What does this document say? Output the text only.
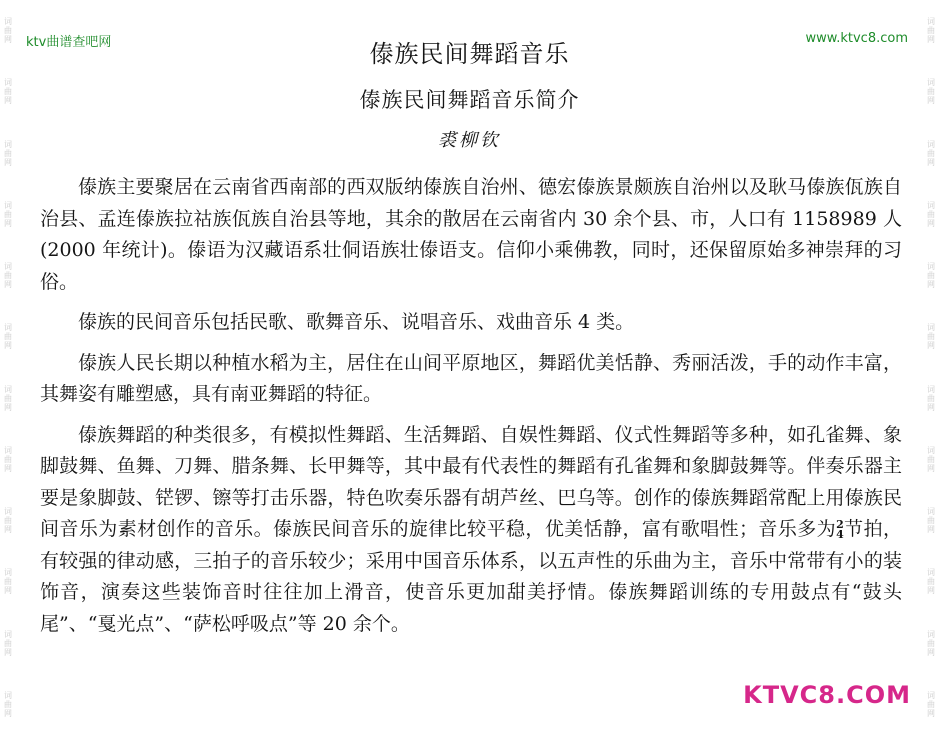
词曲网
词曲网
词曲网
词曲网
词曲网
词曲网
词曲网
词曲网
词曲网
词曲网
词曲网
词曲网
词曲网
词曲网
词曲网
词曲网
词曲网
词曲网
词曲网
词曲网
词曲网
词曲网
词曲网
词曲网
ktv曲谱查吧网	www.ktvc8.com
傣族民间舞蹈音乐
傣族民间舞蹈音乐简介
裘柳钦

傣族主要聚居在云南省西南部的西双版纳傣族自治州、德宏傣族景颇族自治州以及耿马傣族佤族自治县、孟连傣族拉祜族佤族自治县等地，其余的散居在云南省内 30 余个县、市，人口有 1158989 人(2000 年统计)。傣语为汉藏语系壮侗语族壮傣语支。信仰小乘佛教，同时，还保留原始多神崇拜的习俗。

傣族的民间音乐包括民歌、歌舞音乐、说唱音乐、戏曲音乐 4 类。

傣族人民长期以种植水稻为主，居住在山间平原地区，舞蹈优美恬静、秀丽活泼，手的动作丰富，其舞姿有雕塑感，具有南亚舞蹈的特征。

傣族舞蹈的种类很多，有模拟性舞蹈、生活舞蹈、自娱性舞蹈、仪式性舞蹈等多种，如孔雀舞、象脚鼓舞、鱼舞、刀舞、腊条舞、长甲舞等，其中最有代表性的舞蹈有孔雀舞和象脚鼓舞等。伴奏乐器主要是象脚鼓、铓锣、镲等打击乐器，特色吹奏乐器有胡芦丝、巴乌等。创作的傣族舞蹈常配上用傣族民间音乐为素材创作的音乐。傣族民间音乐的旋律比较平稳，优美恬静，富有歌唱性；音乐多为 2
4 节拍，有较强的律动感，三拍子的音乐较少；采用中国音乐体系，以五声性的乐曲为主，音乐中常带有小的装饰音，演奏这些装饰音时往往加上滑音，使音乐更加甜美抒情。傣族舞蹈训练的专用鼓点有“鼓头尾”、“戛光点”、“萨松呼吸点”等 20 余个。

KTVC8.COM
